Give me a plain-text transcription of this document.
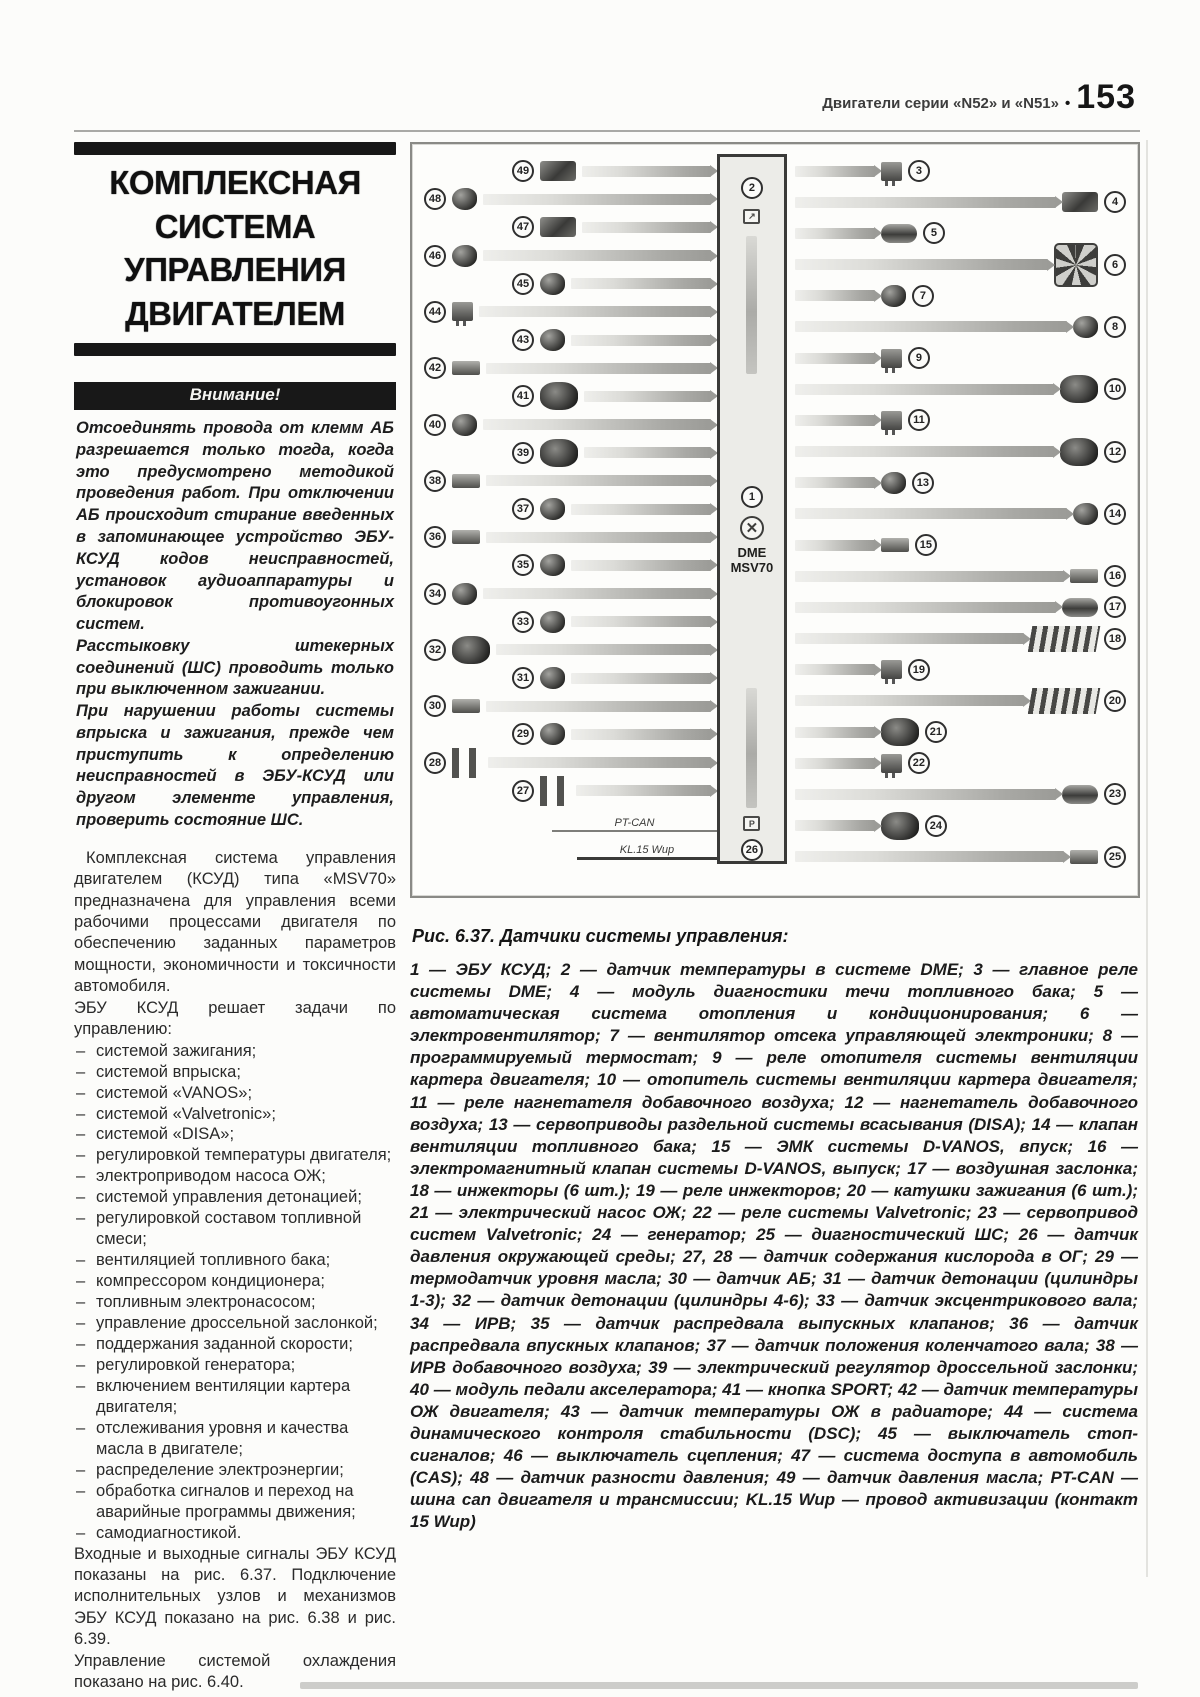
Двигатели серии «N52» и «N51» • 153
КОМПЛЕКСНАЯ
СИСТЕМА
УПРАВЛЕНИЯ
ДВИГАТЕЛЕМ
Внимание!

Отсоединять провода от клемм АБ разрешается только тогда, когда это предусмотрено методикой проведения работ. При отключении АБ происходит стирание введенных в запоминающее устройство ЭБУ-КСУД кодов неисправностей, установок аудиоаппаратуры и блокировок противоугонных систем.

Расстыковку штекерных соединений (ШС) проводить только при выключенном зажигании.

При нарушении работы системы впрыска и зажигания, прежде чем приступить к определению неисправностей в ЭБУ-КСУД или другом элементе управления, проверить состояние ШС.

Комплексная система управления двигателем (КСУД) типа «MSV70» предназначена для управления всеми рабочими процессами двигателя по обеспечению заданных параметров мощности, экономичности и токсичности автомобиля.

ЭБУ КСУД решает задачи по управлению:

– системой зажигания;
– системой впрыска;
– системой «VANOS»;
– системой «Valvetronic»;
– системой «DISA»;
– регулировкой температуры двигателя;
– электроприводом насоса ОЖ;
– системой управления детонацией;
– регулировкой составом топливной смеси;
– вентиляцией топливного бака;
– компрессором кондиционера;
– топливным электронасосом;
– управление дроссельной заслонкой;
– поддержания заданной скорости;
– регулировкой генератора;
– включением вентиляции картера двигателя;
– отслеживания уровня и качества масла в двигателе;
– распределение электроэнергии;
– обработка сигналов и переход на аварийные программы движения;
– самодиагностикой.

Входные и выходные сигналы ЭБУ КСУД показаны на рис. 6.37. Подключение исполнительных узлов и механизмов ЭБУ КСУД показано на рис. 6.38 и рис. 6.39.

Управление системой охлаждения показано на рис. 6.40.

49
48
47
46
45
44
43
42
41
40
39
38
37
36
35
34
33
32
31
30
29
28
27
2
↗
1
✕
DME
MSV70
P
26
3
4
5
6
7
8
9
10
11
12
13
14
15
16
17
18
19
20
21
22
23
24
25
PT-CAN
KL.15 Wup

Рис. 6.37. Датчики системы управления:

1 — ЭБУ КСУД; 2 — датчик температуры в системе DME; 3 — главное реле системы DME; 4 — модуль диагностики течи топливного бака; 5 — автоматическая система отопления и кондиционирования; 6 — электровентилятор; 7 — вентилятор отсека управляющей электроники; 8 — программируемый термостат; 9 — реле отопителя системы вентиляции картера двигателя; 10 — отопитель системы вентиляции картера двигателя; 11 — реле нагнетателя добавочного воздуха; 12 — нагнетатель добавочного воздуха; 13 — сервоприводы раздельной системы всасывания (DISA); 14 — клапан вентиляции топливного бака; 15 — ЭМК системы D-VANOS, впуск; 16 — электромагнитный клапан системы D-VANOS, выпуск; 17 — воздушная заслонка; 18 — инжекторы (6 шт.); 19 — реле инжекторов; 20 — катушки зажигания (6 шт.); 21 — электрический насос ОЖ; 22 — реле системы Valvetronic; 23 — сервопривод систем Valvetronic; 24 — генератор; 25 — диагностический ШС; 26 — датчик давления окружающей среды; 27, 28 — датчик содержания кислорода в ОГ; 29 — термодатчик уровня масла; 30 — датчик АБ; 31 — датчик детонации (цилиндры 1-3); 32 — датчик детонации (цилиндры 4-6); 33 — датчик эксцентрикового вала; 34 — ИРВ; 35 — датчик распредвала выпускных клапанов; 36 — датчик распредвала впускных клапанов; 37 — датчик положения коленчатого вала; 38 — ИРВ добавочного воздуха; 39 — электрический регулятор дроссельной заслонки; 40 — модуль педали акселератора; 41 — кнопка SPORT; 42 — датчик температуры ОЖ двигателя; 43 — датчик температуры ОЖ в радиаторе; 44 — система динамического контроля стабильности (DSC); 45 — выключатель стоп-сигналов; 46 — выключатель сцепления; 47 — система доступа в автомобиль (CAS); 48 — датчик разности давления; 49 — датчик давления масла; PT-CAN — шина can двигателя и трансмиссии; KL.15 Wup — провод активизации (контакт 15 Wup)
